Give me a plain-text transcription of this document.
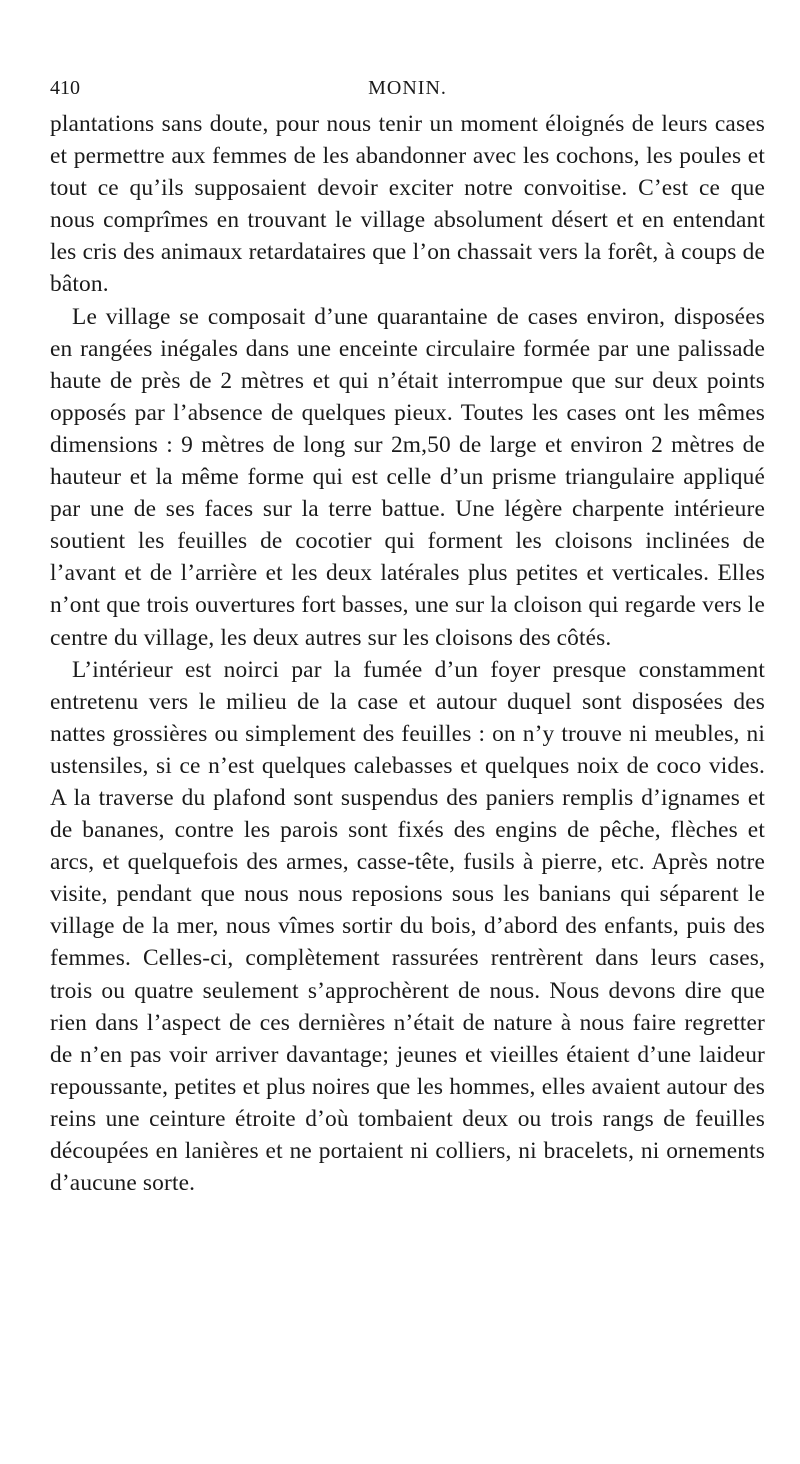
410	MONIN.

plantations sans doute, pour nous tenir un moment éloignés de leurs cases et permettre aux femmes de les abandonner avec les cochons, les poules et tout ce qu’ils supposaient devoir exciter notre convoitise. C’est ce que nous comprîmes en trouvant le village absolument désert et en entendant les cris des animaux retardataires que l’on chassait vers la forêt, à coups de bâton.

Le village se composait d’une quarantaine de cases environ, disposées en rangées inégales dans une enceinte circulaire formée par une palissade haute de près de 2 mètres et qui n’était interrompue que sur deux points opposés par l’absence de quelques pieux. Toutes les cases ont les mêmes dimensions : 9 mètres de long sur 2m,50 de large et environ 2 mètres de hauteur et la même forme qui est celle d’un prisme triangulaire appliqué par une de ses faces sur la terre battue. Une légère charpente intérieure soutient les feuilles de cocotier qui forment les cloisons inclinées de l’avant et de l’arrière et les deux latérales plus petites et verticales. Elles n’ont que trois ouvertures fort basses, une sur la cloison qui regarde vers le centre du village, les deux autres sur les cloisons des côtés.

L’intérieur est noirci par la fumée d’un foyer presque constamment entretenu vers le milieu de la case et autour duquel sont disposées des nattes grossières ou simplement des feuilles : on n’y trouve ni meubles, ni ustensiles, si ce n’est quelques calebasses et quelques noix de coco vides. A la traverse du plafond sont suspendus des paniers remplis d’ignames et de bananes, contre les parois sont fixés des engins de pêche, flèches et arcs, et quelquefois des armes, casse-tête, fusils à pierre, etc. Après notre visite, pendant que nous nous reposions sous les banians qui séparent le village de la mer, nous vîmes sortir du bois, d’abord des enfants, puis des femmes. Celles-ci, complètement rassurées rentrèrent dans leurs cases, trois ou quatre seulement s’approchèrent de nous. Nous devons dire que rien dans l’aspect de ces dernières n’était de nature à nous faire regretter de n’en pas voir arriver davantage; jeunes et vieilles étaient d’une laideur repoussante, petites et plus noires que les hommes, elles avaient autour des reins une ceinture étroite d’où tombaient deux ou trois rangs de feuilles découpées en lanières et ne portaient ni colliers, ni bracelets, ni ornements d’aucune sorte.
